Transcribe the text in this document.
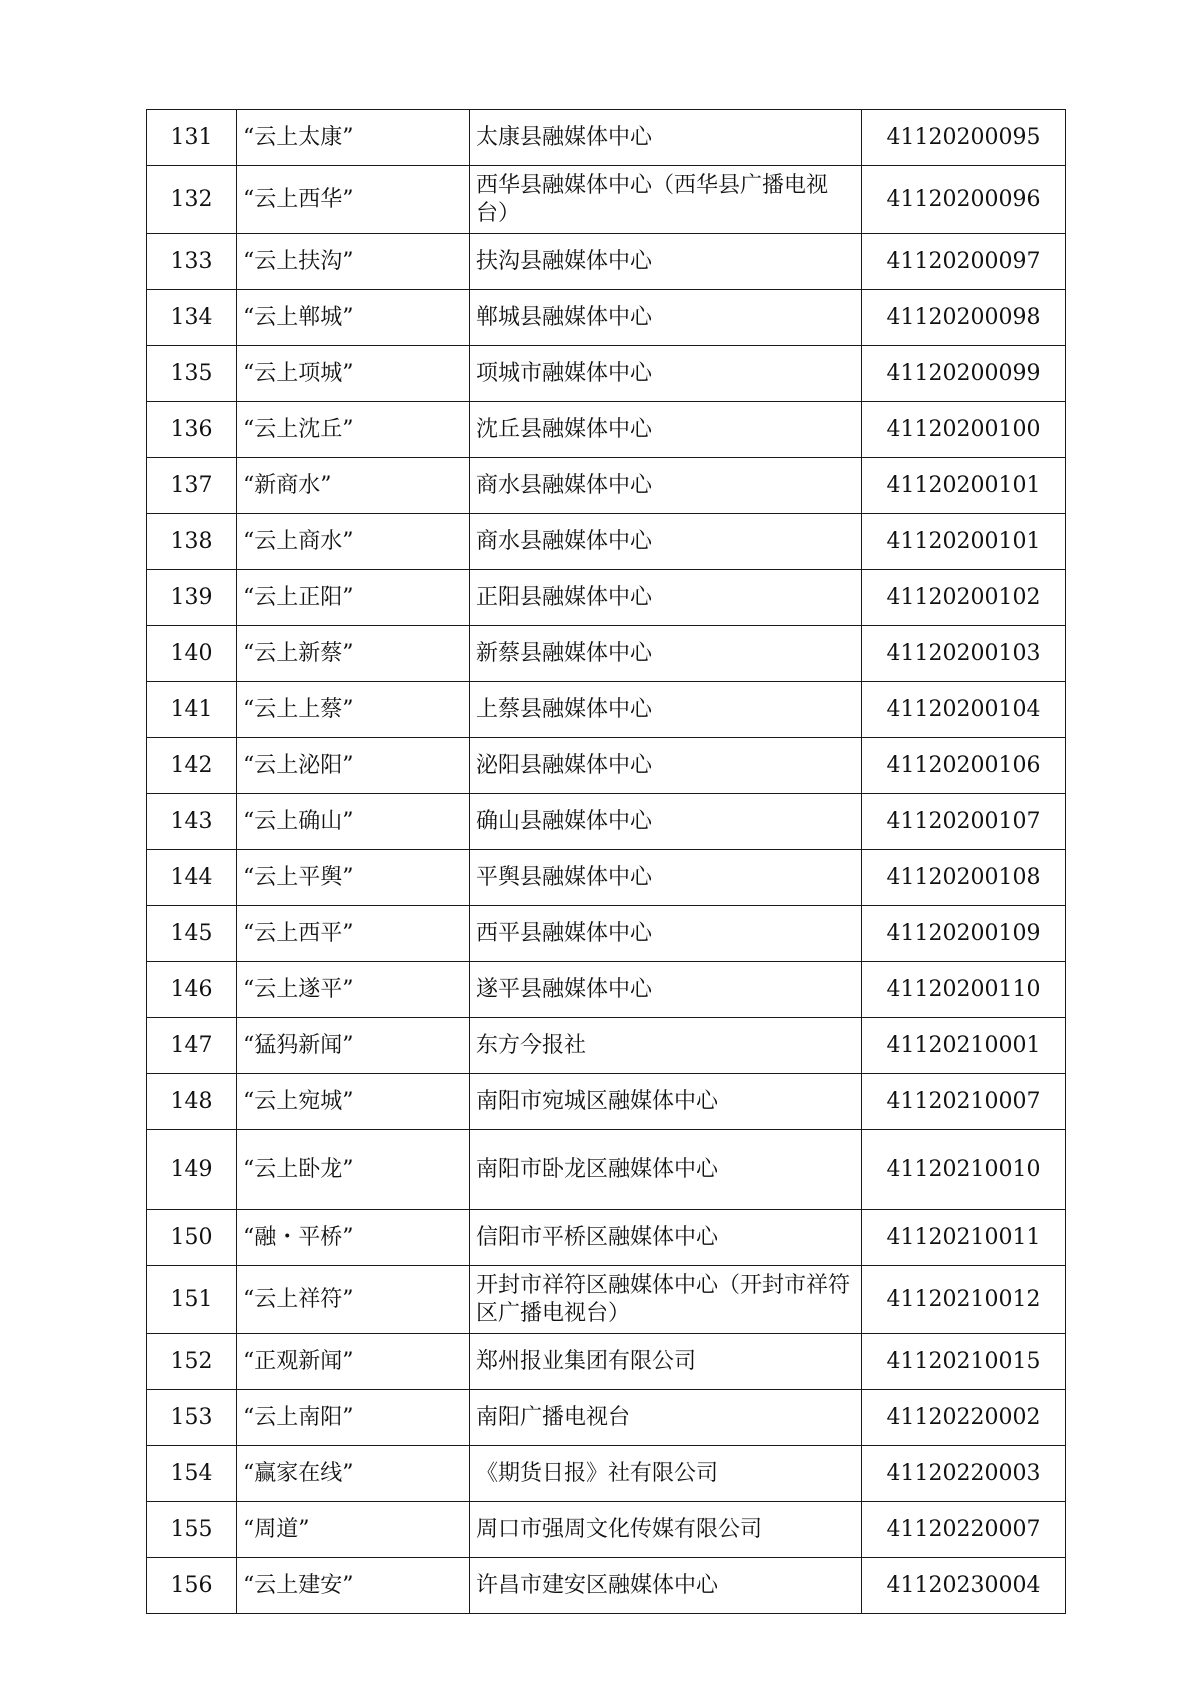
131	“云上太康”	太康县融媒体中心	41120200095
132	“云上西华”	西华县融媒体中心（西华县广播电视台）	41120200096
133	“云上扶沟”	扶沟县融媒体中心	41120200097
134	“云上郸城”	郸城县融媒体中心	41120200098
135	“云上项城”	项城市融媒体中心	41120200099
136	“云上沈丘”	沈丘县融媒体中心	41120200100
137	“新商水”	商水县融媒体中心	41120200101
138	“云上商水”	商水县融媒体中心	41120200101
139	“云上正阳”	正阳县融媒体中心	41120200102
140	“云上新蔡”	新蔡县融媒体中心	41120200103
141	“云上上蔡”	上蔡县融媒体中心	41120200104
142	“云上泌阳”	泌阳县融媒体中心	41120200106
143	“云上确山”	确山县融媒体中心	41120200107
144	“云上平舆”	平舆县融媒体中心	41120200108
145	“云上西平”	西平县融媒体中心	41120200109
146	“云上遂平”	遂平县融媒体中心	41120200110
147	“猛犸新闻”	东方今报社	41120210001
148	“云上宛城”	南阳市宛城区融媒体中心	41120210007
149	“云上卧龙”	南阳市卧龙区融媒体中心	41120210010
150	“融・平桥”	信阳市平桥区融媒体中心	41120210011
151	“云上祥符”	开封市祥符区融媒体中心（开封市祥符区广播电视台）	41120210012
152	“正观新闻”	郑州报业集团有限公司	41120210015
153	“云上南阳”	南阳广播电视台	41120220002
154	“赢家在线”	《期货日报》社有限公司	41120220003
155	“周道”	周口市强周文化传媒有限公司	41120220007
156	“云上建安”	许昌市建安区融媒体中心	41120230004
